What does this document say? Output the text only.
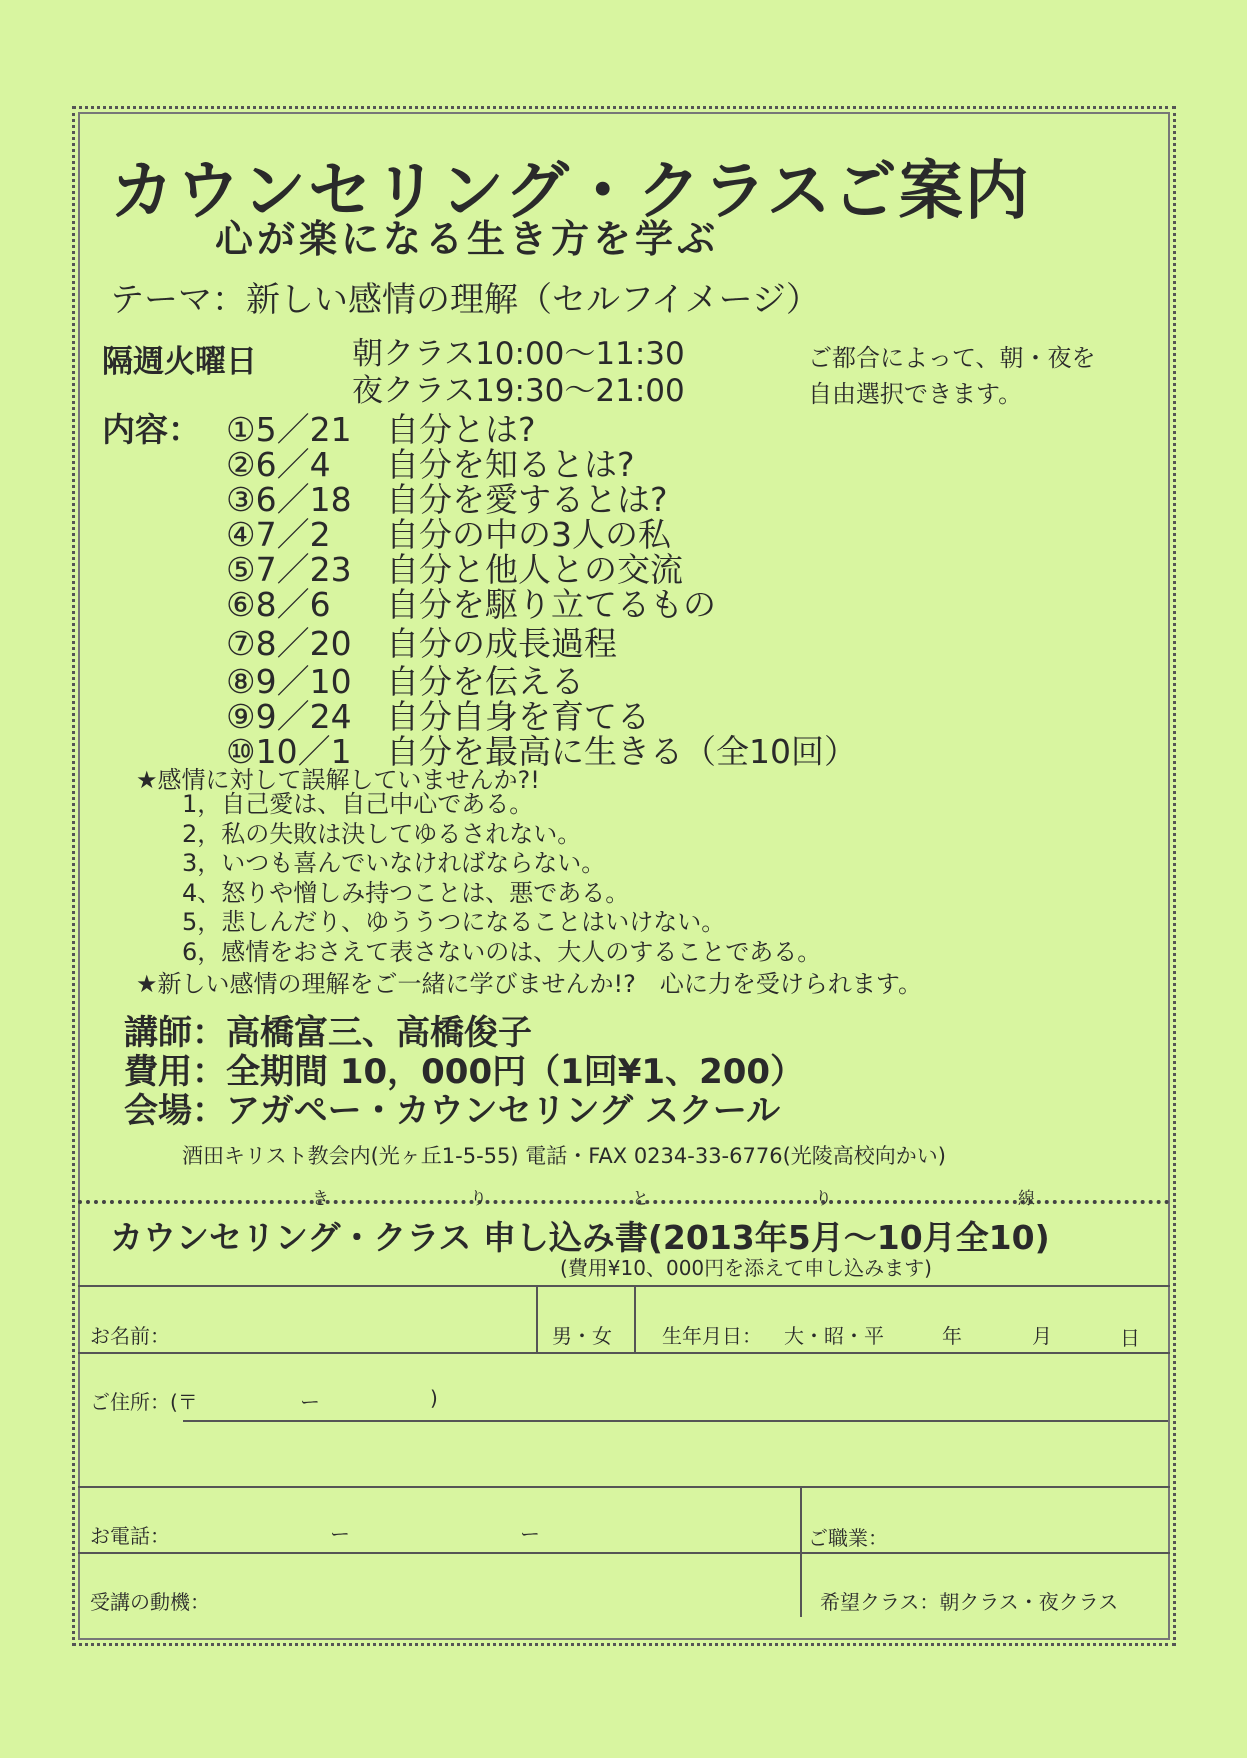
カウンセリング・クラスご案内
心が楽になる生き方を学ぶ
テーマ：新しい感情の理解（セルフイメージ）
隔週火曜日	朝クラス10:00〜11:30
夜クラス19:30〜21:00
ご都合によって、朝・夜を
自由選択できます。
内容： ①5／21 自分とは?
②6／4 自分を知るとは?
③6／18 自分を愛するとは?
④7／2 自分の中の3人の私
⑤7／23 自分と他人との交流
⑥8／6 自分を駆り立てるもの
⑦8／20 自分の成長過程
⑧9／10 自分を伝える
⑨9／24 自分自身を育てる
⑩10／1 自分を最高に生きる（全10回）
★感情に対して誤解していませんか?!
1，自己愛は、自己中心である。
2，私の失敗は決してゆるされない。
3，いつも喜んでいなければならない。
4、怒りや憎しみ持つことは、悪である。
5，悲しんだり、ゆううつになることはいけない。
6，感情をおさえて表さないのは、大人のすることである。
★新しい感情の理解をご一緒に学びませんか!?　心に力を受けられます。
講師：高橋富三、高橋俊子
費用：全期間 10，000円（1回¥1、200）
会場：アガペー・カウンセリング スクール
酒田キリスト教会内(光ヶ丘1-5-55) 電話・FAX 0234-33-6776(光陵高校向かい)
き	り	と	り	線
カウンセリング・クラス 申し込み書(2013年5月〜10月全10)
(費用¥10、000円を添えて申し込みます)
お名前：	男・女	生年月日： 大・昭・平	年	月	日
ご住所：(〒	ー	)
お電話：	ー	ー	ご職業：
受講の動機：	希望クラス：朝クラス・夜クラス
